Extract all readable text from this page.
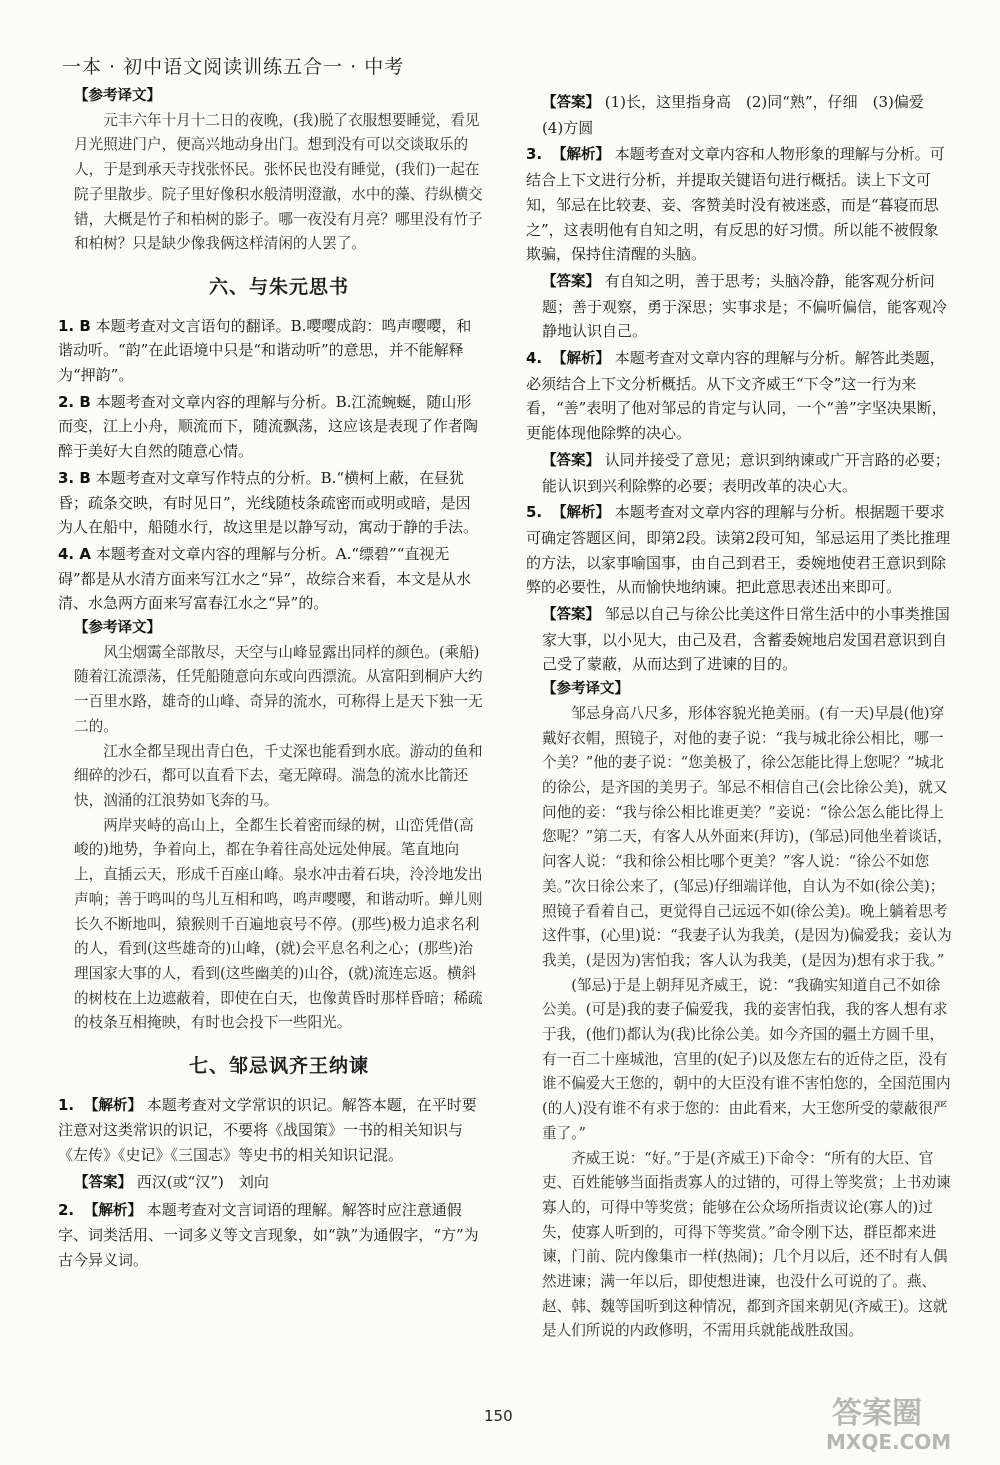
一本 · 初中语文阅读训练五合一 · 中考

【参考译文】

元丰六年十月十二日的夜晚，(我)脱了衣服想要睡觉，看见月光照进门户，便高兴地动身出门。想到没有可以交谈取乐的人，于是到承天寺找张怀民。张怀民也没有睡觉，(我们)一起在院子里散步。院子里好像积水般清明澄澈，水中的藻、荇纵横交错，大概是竹子和柏树的影子。哪一夜没有月亮？哪里没有竹子和柏树？只是缺少像我俩这样清闲的人罢了。

六、与朱元思书

1. B 本题考查对文言语句的翻译。B.嘤嘤成韵：鸣声嘤嘤，和谐动听。“韵”在此语境中只是“和谐动听”的意思，并不能解释为“押韵”。

2. B 本题考查对文章内容的理解与分析。B.江流蜿蜒，随山形而变，江上小舟，顺流而下，随流飘荡，这应该是表现了作者陶醉于美好大自然的随意心情。

3. B 本题考查对文章写作特点的分析。B.“横柯上蔽，在昼犹昏；疏条交映，有时见日”，光线随枝条疏密而或明或暗，是因为人在船中，船随水行，故这里是以静写动，寓动于静的手法。

4. A 本题考查对文章内容的理解与分析。A.“缥碧”“直视无碍”都是从水清方面来写江水之“异”，故综合来看，本文是从水清、水急两方面来写富春江水之“异”的。

【参考译文】

风尘烟霭全部散尽，天空与山峰显露出同样的颜色。(乘船)随着江流漂荡，任凭船随意向东或向西漂流。从富阳到桐庐大约一百里水路，雄奇的山峰、奇异的流水，可称得上是天下独一无二的。

江水全都呈现出青白色，千丈深也能看到水底。游动的鱼和细碎的沙石，都可以直看下去，毫无障碍。湍急的流水比箭还快，汹涌的江浪势如飞奔的马。

两岸夹峙的高山上，全都生长着密而绿的树，山峦凭借(高峻的)地势，争着向上，都在争着往高处远处伸展。笔直地向上，直插云天，形成千百座山峰。泉水冲击着石块，泠泠地发出声响；善于鸣叫的鸟儿互相和鸣，鸣声嘤嘤，和谐动听。蝉儿则长久不断地叫，猿猴则千百遍地哀号不停。(那些)极力追求名利的人，看到(这些雄奇的)山峰，(就)会平息名利之心；(那些)治理国家大事的人，看到(这些幽美的)山谷，(就)流连忘返。横斜的树枝在上边遮蔽着，即使在白天，也像黄昏时那样昏暗；稀疏的枝条互相掩映，有时也会投下一些阳光。

七、邹忌讽齐王纳谏

1. 【解析】 本题考查对文学常识的识记。解答本题，在平时要注意对这类常识的识记，不要将《战国策》一书的相关知识与《左传》《史记》《三国志》等史书的相关知识记混。

【答案】 西汉(或“汉”)　刘向

2. 【解析】 本题考查对文言词语的理解。解答时应注意通假字、词类活用、一词多义等文言现象，如“孰”为通假字，“方”为古今异义词。

【答案】 (1)长，这里指身高　(2)同“熟”，仔细　(3)偏爱　(4)方圆

3. 【解析】 本题考查对文章内容和人物形象的理解与分析。可结合上下文进行分析，并提取关键语句进行概括。读上下文可知，邹忌在比较妻、妾、客赞美时没有被迷惑，而是“暮寝而思之”，这表明他有自知之明，有反思的好习惯。所以能不被假象欺骗，保持住清醒的头脑。

【答案】 有自知之明，善于思考；头脑冷静，能客观分析问题；善于观察，勇于深思；实事求是；不偏听偏信，能客观冷静地认识自己。

4. 【解析】 本题考查对文章内容的理解与分析。解答此类题，必须结合上下文分析概括。从下文齐威王“下令”这一行为来看，“善”表明了他对邹忌的肯定与认同，一个“善”字坚决果断，更能体现他除弊的决心。

【答案】 认同并接受了意见；意识到纳谏或广开言路的必要；能认识到兴利除弊的必要；表明改革的决心大。

5. 【解析】 本题考查对文章内容的理解与分析。根据题干要求可确定答题区间，即第2段。读第2段可知，邹忌运用了类比推理的方法，以家事喻国事，由自己到君王，委婉地使君王意识到除弊的必要性，从而愉快地纳谏。把此意思表述出来即可。

【答案】 邹忌以自己与徐公比美这件日常生活中的小事类推国家大事，以小见大，由己及君，含蓄委婉地启发国君意识到自己受了蒙蔽，从而达到了进谏的目的。

【参考译文】

邹忌身高八尺多，形体容貌光艳美丽。(有一天)早晨(他)穿戴好衣帽，照镜子，对他的妻子说：“我与城北徐公相比，哪一个美？”他的妻子说：“您美极了，徐公怎能比得上您呢？”城北的徐公，是齐国的美男子。邹忌不相信自己(会比徐公美)，就又问他的妾：“我与徐公相比谁更美？”妾说：“徐公怎么能比得上您呢？”第二天，有客人从外面来(拜访)，(邹忌)同他坐着谈话，问客人说：“我和徐公相比哪个更美？”客人说：“徐公不如您美。”次日徐公来了，(邹忌)仔细端详他，自认为不如(徐公美)；照镜子看着自己，更觉得自己远远不如(徐公美)。晚上躺着思考这件事，(心里)说：“我妻子认为我美，(是因为)偏爱我；妾认为我美，(是因为)害怕我；客人认为我美，(是因为)想有求于我。”

(邹忌)于是上朝拜见齐威王，说：“我确实知道自己不如徐公美。(可是)我的妻子偏爱我，我的妾害怕我，我的客人想有求于我，(他们)都认为(我)比徐公美。如今齐国的疆土方圆千里，有一百二十座城池，宫里的(妃子)以及您左右的近侍之臣，没有谁不偏爱大王您的，朝中的大臣没有谁不害怕您的，全国范围内(的人)没有谁不有求于您的：由此看来，大王您所受的蒙蔽很严重了。”

齐威王说：“好。”于是(齐威王)下命令：“所有的大臣、官吏、百姓能够当面指责寡人的过错的，可得上等奖赏；上书劝谏寡人的，可得中等奖赏；能够在公众场所指责议论(寡人的)过失，使寡人听到的，可得下等奖赏。”命令刚下达，群臣都来进谏，门前、院内像集市一样(热闹)；几个月以后，还不时有人偶然进谏；满一年以后，即使想进谏，也没什么可说的了。燕、赵、韩、魏等国听到这种情况，都到齐国来朝见(齐威王)。这就是人们所说的内政修明，不需用兵就能战胜敌国。

150	答案圈
MXQE.COM
